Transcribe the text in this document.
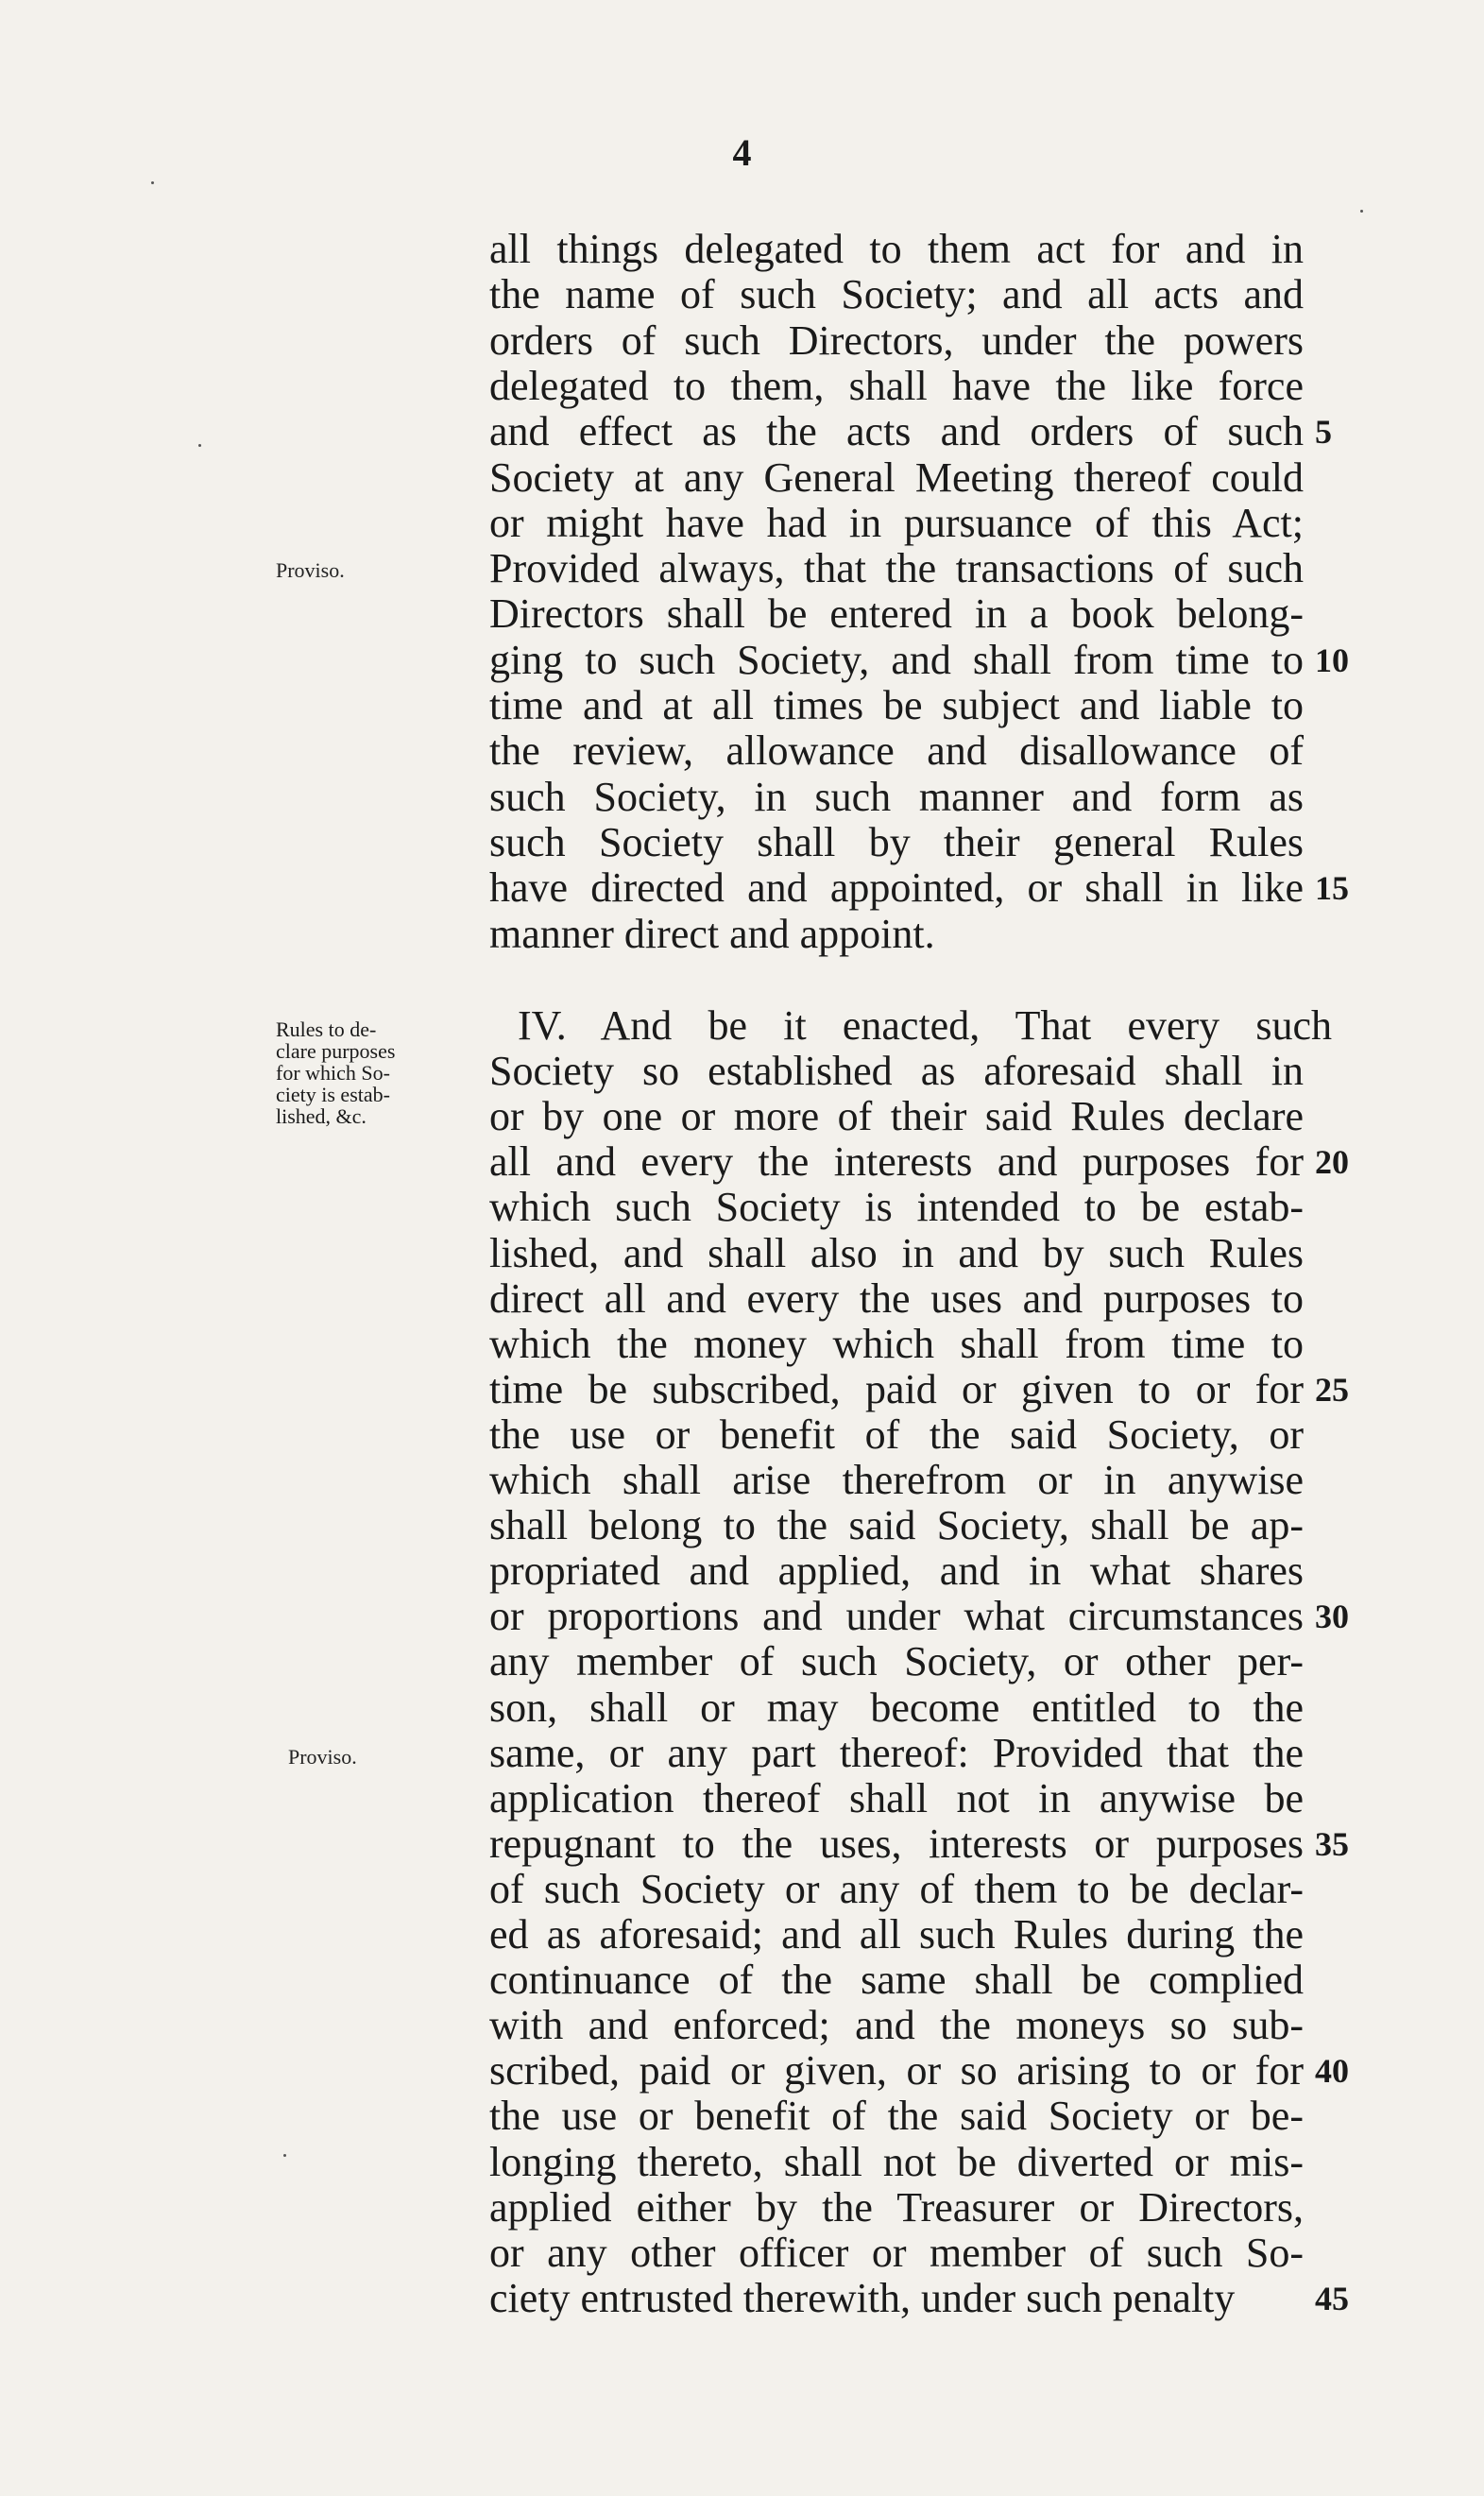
4
all things delegated to them act for and in
the name of such Society; and all acts and
orders of such Directors, under the powers
delegated to them, shall have the like force
and effect as the acts and orders of such
Society at any General Meeting thereof could
or might have had in pursuance of this Act;
Provided always, that the transactions of such
Directors shall be entered in a book belong-
ging to such Society, and shall from time to
time and at all times be subject and liable to
the review, allowance and disallowance of
such Society, in such manner and form as
such Society shall by their general Rules
have directed and appointed, or shall in like
manner direct and appoint.
IV. And be it enacted, That every such
Society so established as aforesaid shall in
or by one or more of their said Rules declare
all and every the interests and purposes for
which such Society is intended to be estab-
lished, and shall also in and by such Rules
direct all and every the uses and purposes to
which the money which shall from time to
time be subscribed, paid or given to or for
the use or benefit of the said Society, or
which shall arise therefrom or in anywise
shall belong to the said Society, shall be ap-
propriated and applied, and in what shares
or proportions and under what circumstances
any member of such Society, or other per-
son, shall or may become entitled to the
same, or any part thereof: Provided that the
application thereof shall not in anywise be
repugnant to the uses, interests or purposes
of such Society or any of them to be declar-
ed as aforesaid; and all such Rules during the
continuance of the same shall be complied
with and enforced; and the moneys so sub-
scribed, paid or given, or so arising to or for
the use or benefit of the said Society or be-
longing thereto, shall not be diverted or mis-
applied either by the Treasurer or Directors,
or any other officer or member of such So-
ciety entrusted therewith, under such penalty
5
10
15
20
25
30
35
40
45
Proviso.
Rules to de-
clare purposes
for which So-
ciety is estab-
lished, &c.
Proviso.
